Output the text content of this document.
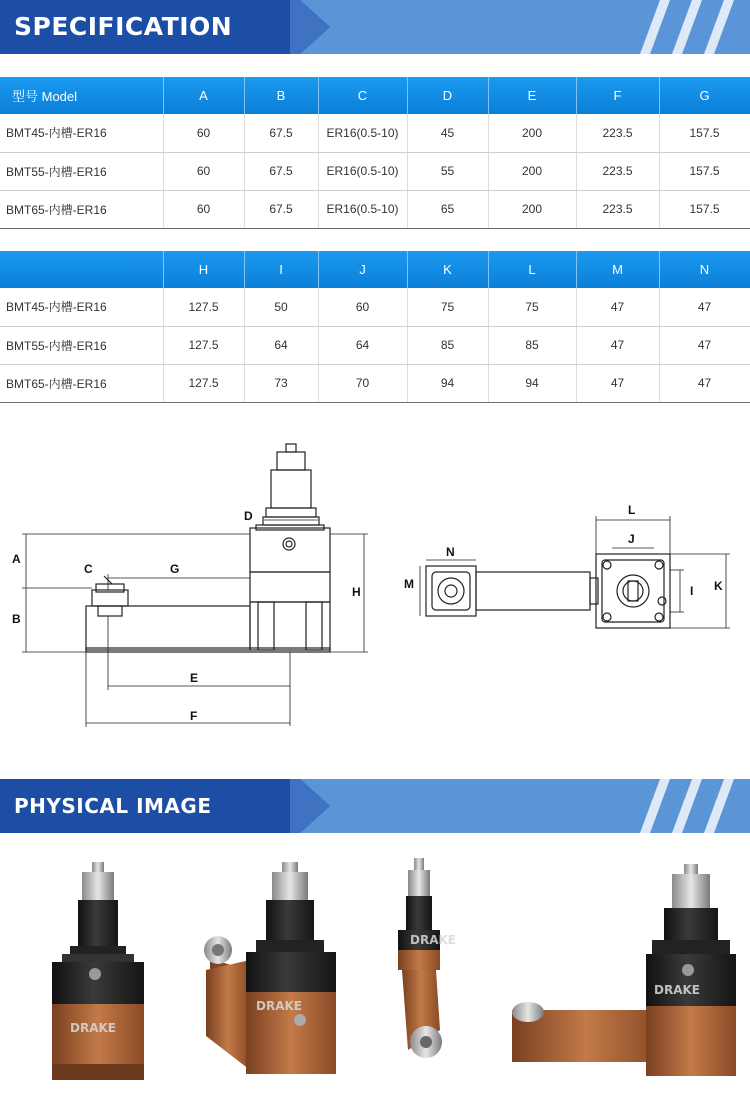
SPECIFICATION
型号 Model	A	B	C	D	E	F	G
BMT45-内槽-ER16	60	67.5	ER16(0.5-10)	45	200	223.5	157.5
BMT55-内槽-ER16	60	67.5	ER16(0.5-10)	55	200	223.5	157.5
BMT65-内槽-ER16	60	67.5	ER16(0.5-10)	65	200	223.5	157.5
	H	I	J	K	L	M	N
BMT45-内槽-ER16	127.5	50	60	75	75	47	47
BMT55-内槽-ER16	127.5	64	64	85	85	47	47
BMT65-内槽-ER16	127.5	73	70	94	94	47	47
A
B
C
D
E
F
G
H	I
J
K
L
M
N
PHYSICAL IMAGE
DRAKE
DRAKE
DRAKE
DRAKE
